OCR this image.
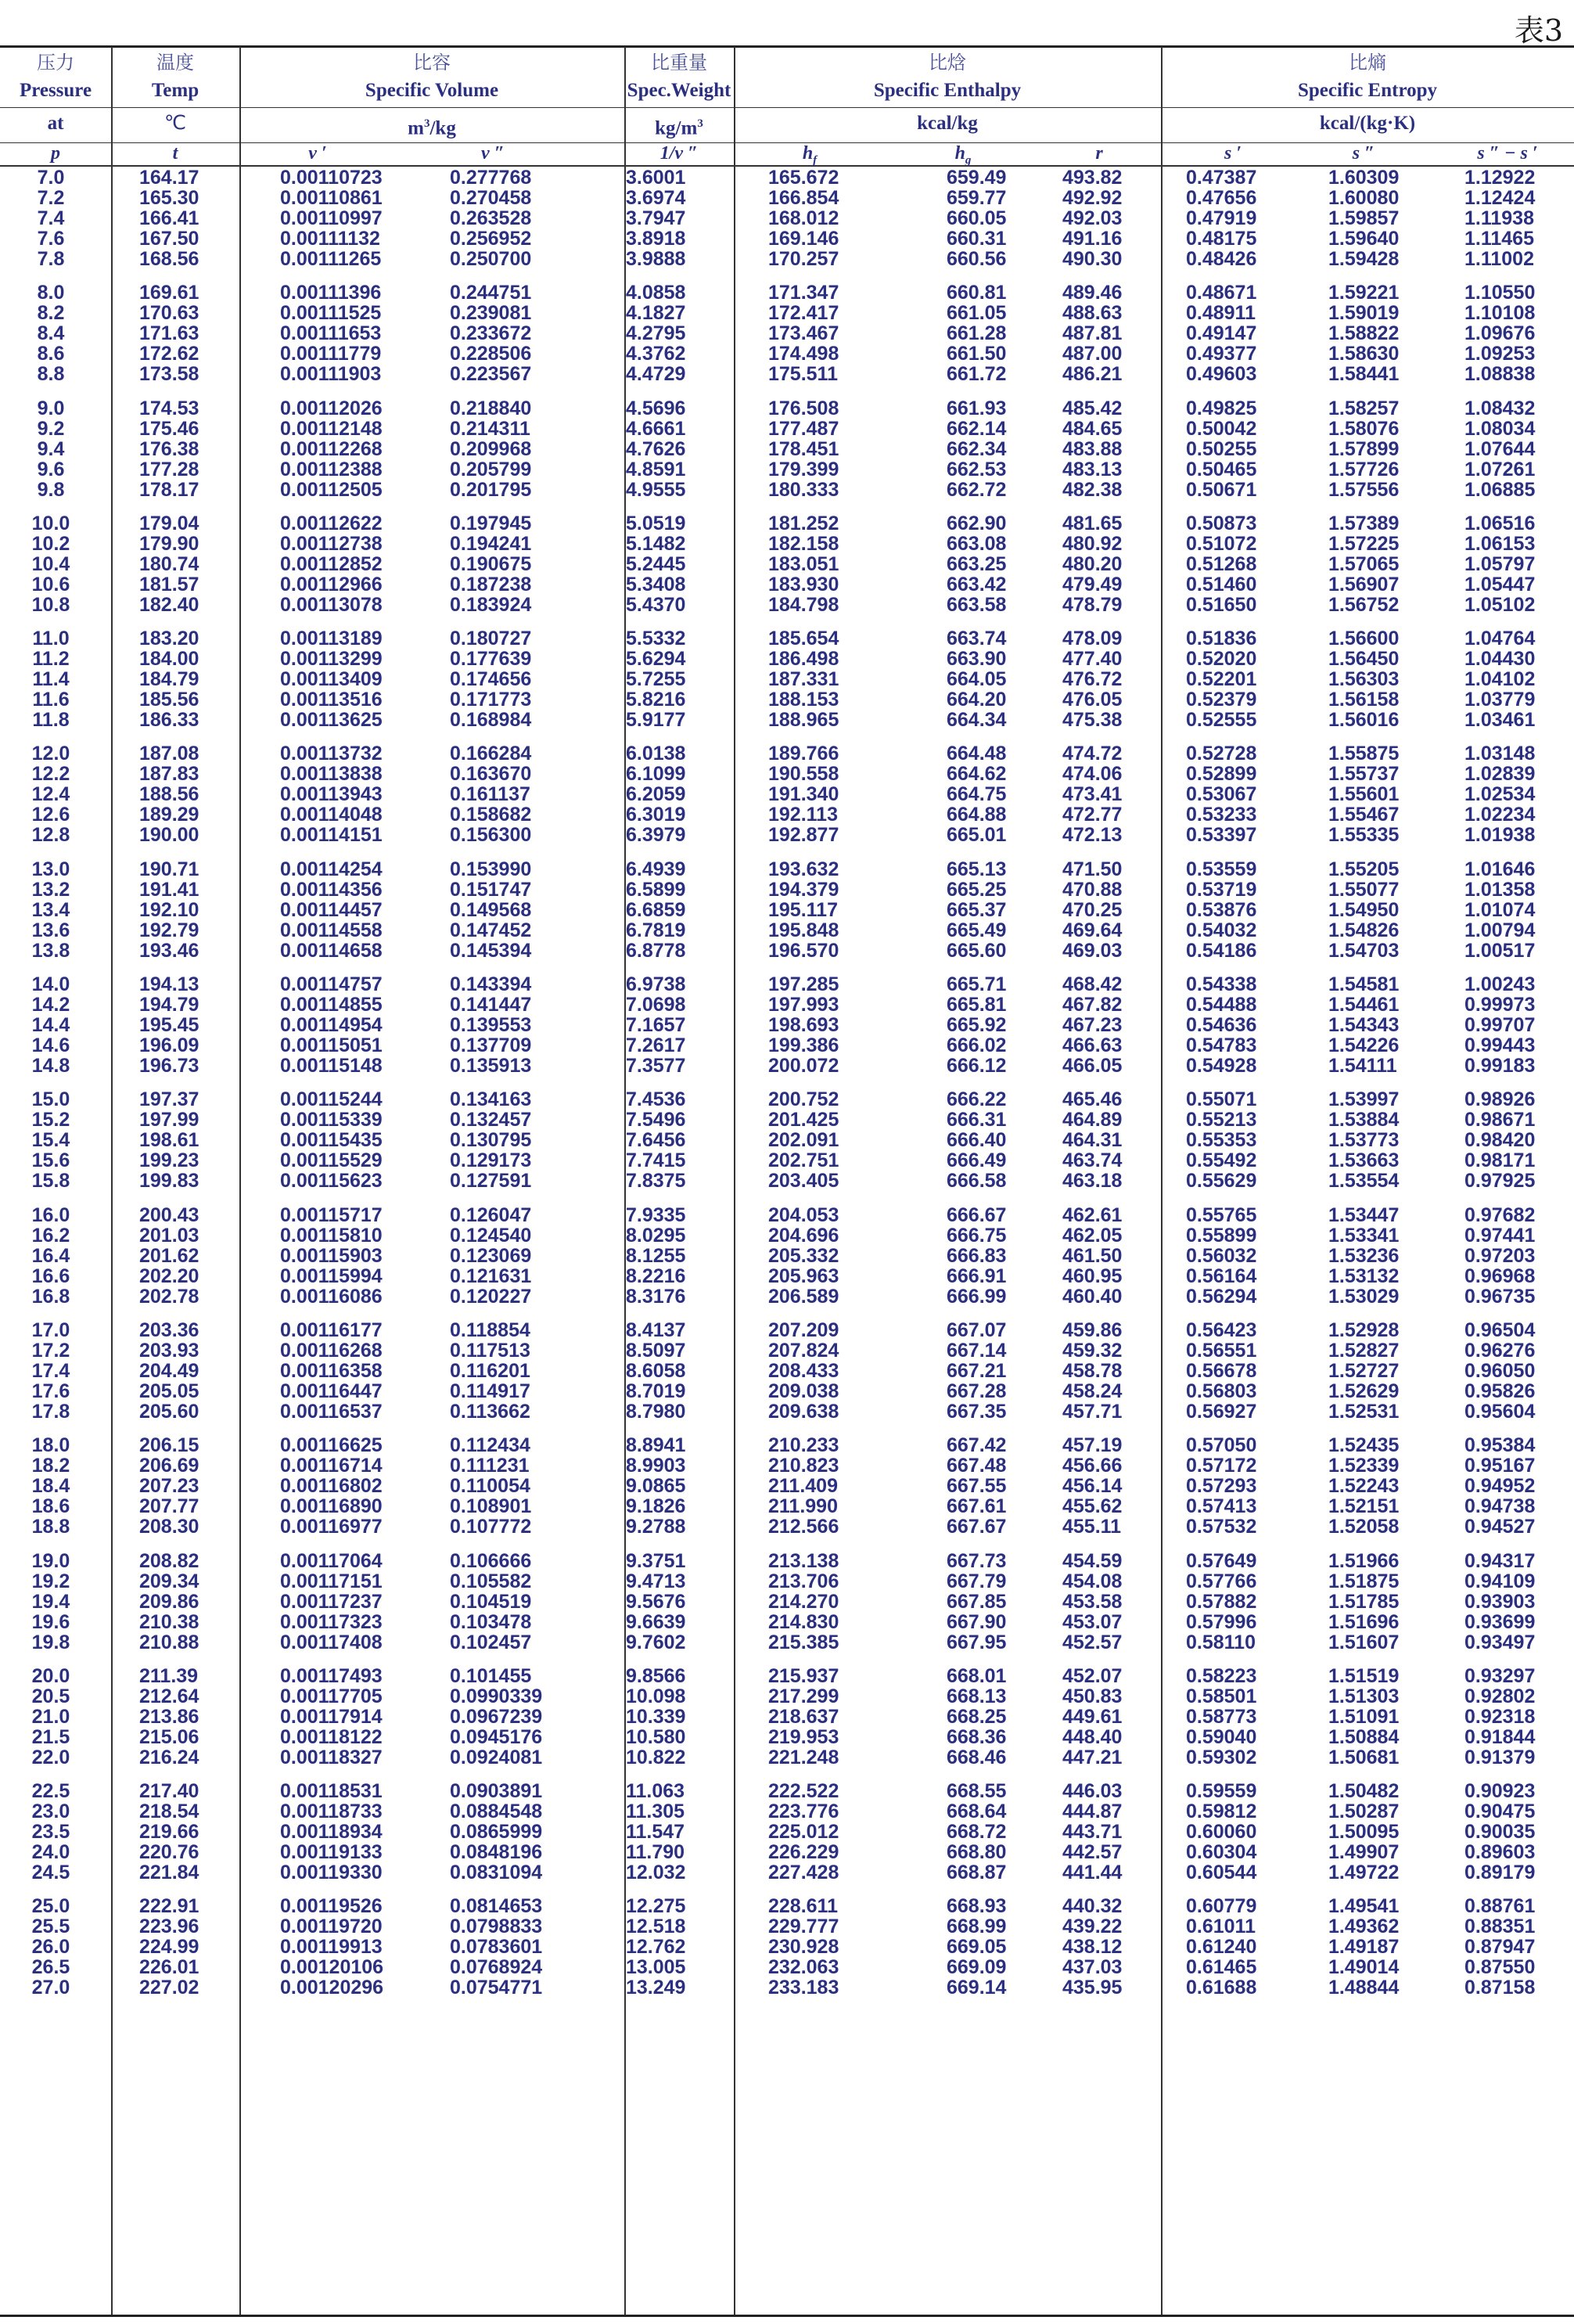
表3
压力
Pressure
at
p
温度
Temp
℃
t
比容
Specific Volume
$m^3/kg$
v ′	v ″
比重量
Spec.Weight
$kg/m^3$
1/v ″
比焓
Specific Enthalpy
kcal/kg
$h_f$	$h_g$	r
比熵
Specific Entropy
kcal/(kg·K)
s ′	s ″	s ″ − s ′
7.0	164.17	0.00110723	0.277768	3.6001	165.672	659.49	493.82	0.47387	1.60309	1.12922
7.2	165.30	0.00110861	0.270458	3.6974	166.854	659.77	492.92	0.47656	1.60080	1.12424
7.4	166.41	0.00110997	0.263528	3.7947	168.012	660.05	492.03	0.47919	1.59857	1.11938
7.6	167.50	0.00111132	0.256952	3.8918	169.146	660.31	491.16	0.48175	1.59640	1.11465
7.8	168.56	0.00111265	0.250700	3.9888	170.257	660.56	490.30	0.48426	1.59428	1.11002
8.0	169.61	0.00111396	0.244751	4.0858	171.347	660.81	489.46	0.48671	1.59221	1.10550
8.2	170.63	0.00111525	0.239081	4.1827	172.417	661.05	488.63	0.48911	1.59019	1.10108
8.4	171.63	0.00111653	0.233672	4.2795	173.467	661.28	487.81	0.49147	1.58822	1.09676
8.6	172.62	0.00111779	0.228506	4.3762	174.498	661.50	487.00	0.49377	1.58630	1.09253
8.8	173.58	0.00111903	0.223567	4.4729	175.511	661.72	486.21	0.49603	1.58441	1.08838
9.0	174.53	0.00112026	0.218840	4.5696	176.508	661.93	485.42	0.49825	1.58257	1.08432
9.2	175.46	0.00112148	0.214311	4.6661	177.487	662.14	484.65	0.50042	1.58076	1.08034
9.4	176.38	0.00112268	0.209968	4.7626	178.451	662.34	483.88	0.50255	1.57899	1.07644
9.6	177.28	0.00112388	0.205799	4.8591	179.399	662.53	483.13	0.50465	1.57726	1.07261
9.8	178.17	0.00112505	0.201795	4.9555	180.333	662.72	482.38	0.50671	1.57556	1.06885
10.0	179.04	0.00112622	0.197945	5.0519	181.252	662.90	481.65	0.50873	1.57389	1.06516
10.2	179.90	0.00112738	0.194241	5.1482	182.158	663.08	480.92	0.51072	1.57225	1.06153
10.4	180.74	0.00112852	0.190675	5.2445	183.051	663.25	480.20	0.51268	1.57065	1.05797
10.6	181.57	0.00112966	0.187238	5.3408	183.930	663.42	479.49	0.51460	1.56907	1.05447
10.8	182.40	0.00113078	0.183924	5.4370	184.798	663.58	478.79	0.51650	1.56752	1.05102
11.0	183.20	0.00113189	0.180727	5.5332	185.654	663.74	478.09	0.51836	1.56600	1.04764
11.2	184.00	0.00113299	0.177639	5.6294	186.498	663.90	477.40	0.52020	1.56450	1.04430
11.4	184.79	0.00113409	0.174656	5.7255	187.331	664.05	476.72	0.52201	1.56303	1.04102
11.6	185.56	0.00113516	0.171773	5.8216	188.153	664.20	476.05	0.52379	1.56158	1.03779
11.8	186.33	0.00113625	0.168984	5.9177	188.965	664.34	475.38	0.52555	1.56016	1.03461
12.0	187.08	0.00113732	0.166284	6.0138	189.766	664.48	474.72	0.52728	1.55875	1.03148
12.2	187.83	0.00113838	0.163670	6.1099	190.558	664.62	474.06	0.52899	1.55737	1.02839
12.4	188.56	0.00113943	0.161137	6.2059	191.340	664.75	473.41	0.53067	1.55601	1.02534
12.6	189.29	0.00114048	0.158682	6.3019	192.113	664.88	472.77	0.53233	1.55467	1.02234
12.8	190.00	0.00114151	0.156300	6.3979	192.877	665.01	472.13	0.53397	1.55335	1.01938
13.0	190.71	0.00114254	0.153990	6.4939	193.632	665.13	471.50	0.53559	1.55205	1.01646
13.2	191.41	0.00114356	0.151747	6.5899	194.379	665.25	470.88	0.53719	1.55077	1.01358
13.4	192.10	0.00114457	0.149568	6.6859	195.117	665.37	470.25	0.53876	1.54950	1.01074
13.6	192.79	0.00114558	0.147452	6.7819	195.848	665.49	469.64	0.54032	1.54826	1.00794
13.8	193.46	0.00114658	0.145394	6.8778	196.570	665.60	469.03	0.54186	1.54703	1.00517
14.0	194.13	0.00114757	0.143394	6.9738	197.285	665.71	468.42	0.54338	1.54581	1.00243
14.2	194.79	0.00114855	0.141447	7.0698	197.993	665.81	467.82	0.54488	1.54461	0.99973
14.4	195.45	0.00114954	0.139553	7.1657	198.693	665.92	467.23	0.54636	1.54343	0.99707
14.6	196.09	0.00115051	0.137709	7.2617	199.386	666.02	466.63	0.54783	1.54226	0.99443
14.8	196.73	0.00115148	0.135913	7.3577	200.072	666.12	466.05	0.54928	1.54111	0.99183
15.0	197.37	0.00115244	0.134163	7.4536	200.752	666.22	465.46	0.55071	1.53997	0.98926
15.2	197.99	0.00115339	0.132457	7.5496	201.425	666.31	464.89	0.55213	1.53884	0.98671
15.4	198.61	0.00115435	0.130795	7.6456	202.091	666.40	464.31	0.55353	1.53773	0.98420
15.6	199.23	0.00115529	0.129173	7.7415	202.751	666.49	463.74	0.55492	1.53663	0.98171
15.8	199.83	0.00115623	0.127591	7.8375	203.405	666.58	463.18	0.55629	1.53554	0.97925
16.0	200.43	0.00115717	0.126047	7.9335	204.053	666.67	462.61	0.55765	1.53447	0.97682
16.2	201.03	0.00115810	0.124540	8.0295	204.696	666.75	462.05	0.55899	1.53341	0.97441
16.4	201.62	0.00115903	0.123069	8.1255	205.332	666.83	461.50	0.56032	1.53236	0.97203
16.6	202.20	0.00115994	0.121631	8.2216	205.963	666.91	460.95	0.56164	1.53132	0.96968
16.8	202.78	0.00116086	0.120227	8.3176	206.589	666.99	460.40	0.56294	1.53029	0.96735
17.0	203.36	0.00116177	0.118854	8.4137	207.209	667.07	459.86	0.56423	1.52928	0.96504
17.2	203.93	0.00116268	0.117513	8.5097	207.824	667.14	459.32	0.56551	1.52827	0.96276
17.4	204.49	0.00116358	0.116201	8.6058	208.433	667.21	458.78	0.56678	1.52727	0.96050
17.6	205.05	0.00116447	0.114917	8.7019	209.038	667.28	458.24	0.56803	1.52629	0.95826
17.8	205.60	0.00116537	0.113662	8.7980	209.638	667.35	457.71	0.56927	1.52531	0.95604
18.0	206.15	0.00116625	0.112434	8.8941	210.233	667.42	457.19	0.57050	1.52435	0.95384
18.2	206.69	0.00116714	0.111231	8.9903	210.823	667.48	456.66	0.57172	1.52339	0.95167
18.4	207.23	0.00116802	0.110054	9.0865	211.409	667.55	456.14	0.57293	1.52243	0.94952
18.6	207.77	0.00116890	0.108901	9.1826	211.990	667.61	455.62	0.57413	1.52151	0.94738
18.8	208.30	0.00116977	0.107772	9.2788	212.566	667.67	455.11	0.57532	1.52058	0.94527
19.0	208.82	0.00117064	0.106666	9.3751	213.138	667.73	454.59	0.57649	1.51966	0.94317
19.2	209.34	0.00117151	0.105582	9.4713	213.706	667.79	454.08	0.57766	1.51875	0.94109
19.4	209.86	0.00117237	0.104519	9.5676	214.270	667.85	453.58	0.57882	1.51785	0.93903
19.6	210.38	0.00117323	0.103478	9.6639	214.830	667.90	453.07	0.57996	1.51696	0.93699
19.8	210.88	0.00117408	0.102457	9.7602	215.385	667.95	452.57	0.58110	1.51607	0.93497
20.0	211.39	0.00117493	0.101455	9.8566	215.937	668.01	452.07	0.58223	1.51519	0.93297
20.5	212.64	0.00117705	0.0990339	10.098	217.299	668.13	450.83	0.58501	1.51303	0.92802
21.0	213.86	0.00117914	0.0967239	10.339	218.637	668.25	449.61	0.58773	1.51091	0.92318
21.5	215.06	0.00118122	0.0945176	10.580	219.953	668.36	448.40	0.59040	1.50884	0.91844
22.0	216.24	0.00118327	0.0924081	10.822	221.248	668.46	447.21	0.59302	1.50681	0.91379
22.5	217.40	0.00118531	0.0903891	11.063	222.522	668.55	446.03	0.59559	1.50482	0.90923
23.0	218.54	0.00118733	0.0884548	11.305	223.776	668.64	444.87	0.59812	1.50287	0.90475
23.5	219.66	0.00118934	0.0865999	11.547	225.012	668.72	443.71	0.60060	1.50095	0.90035
24.0	220.76	0.00119133	0.0848196	11.790	226.229	668.80	442.57	0.60304	1.49907	0.89603
24.5	221.84	0.00119330	0.0831094	12.032	227.428	668.87	441.44	0.60544	1.49722	0.89179
25.0	222.91	0.00119526	0.0814653	12.275	228.611	668.93	440.32	0.60779	1.49541	0.88761
25.5	223.96	0.00119720	0.0798833	12.518	229.777	668.99	439.22	0.61011	1.49362	0.88351
26.0	224.99	0.00119913	0.0783601	12.762	230.928	669.05	438.12	0.61240	1.49187	0.87947
26.5	226.01	0.00120106	0.0768924	13.005	232.063	669.09	437.03	0.61465	1.49014	0.87550
27.0	227.02	0.00120296	0.0754771	13.249	233.183	669.14	435.95	0.61688	1.48844	0.87158
